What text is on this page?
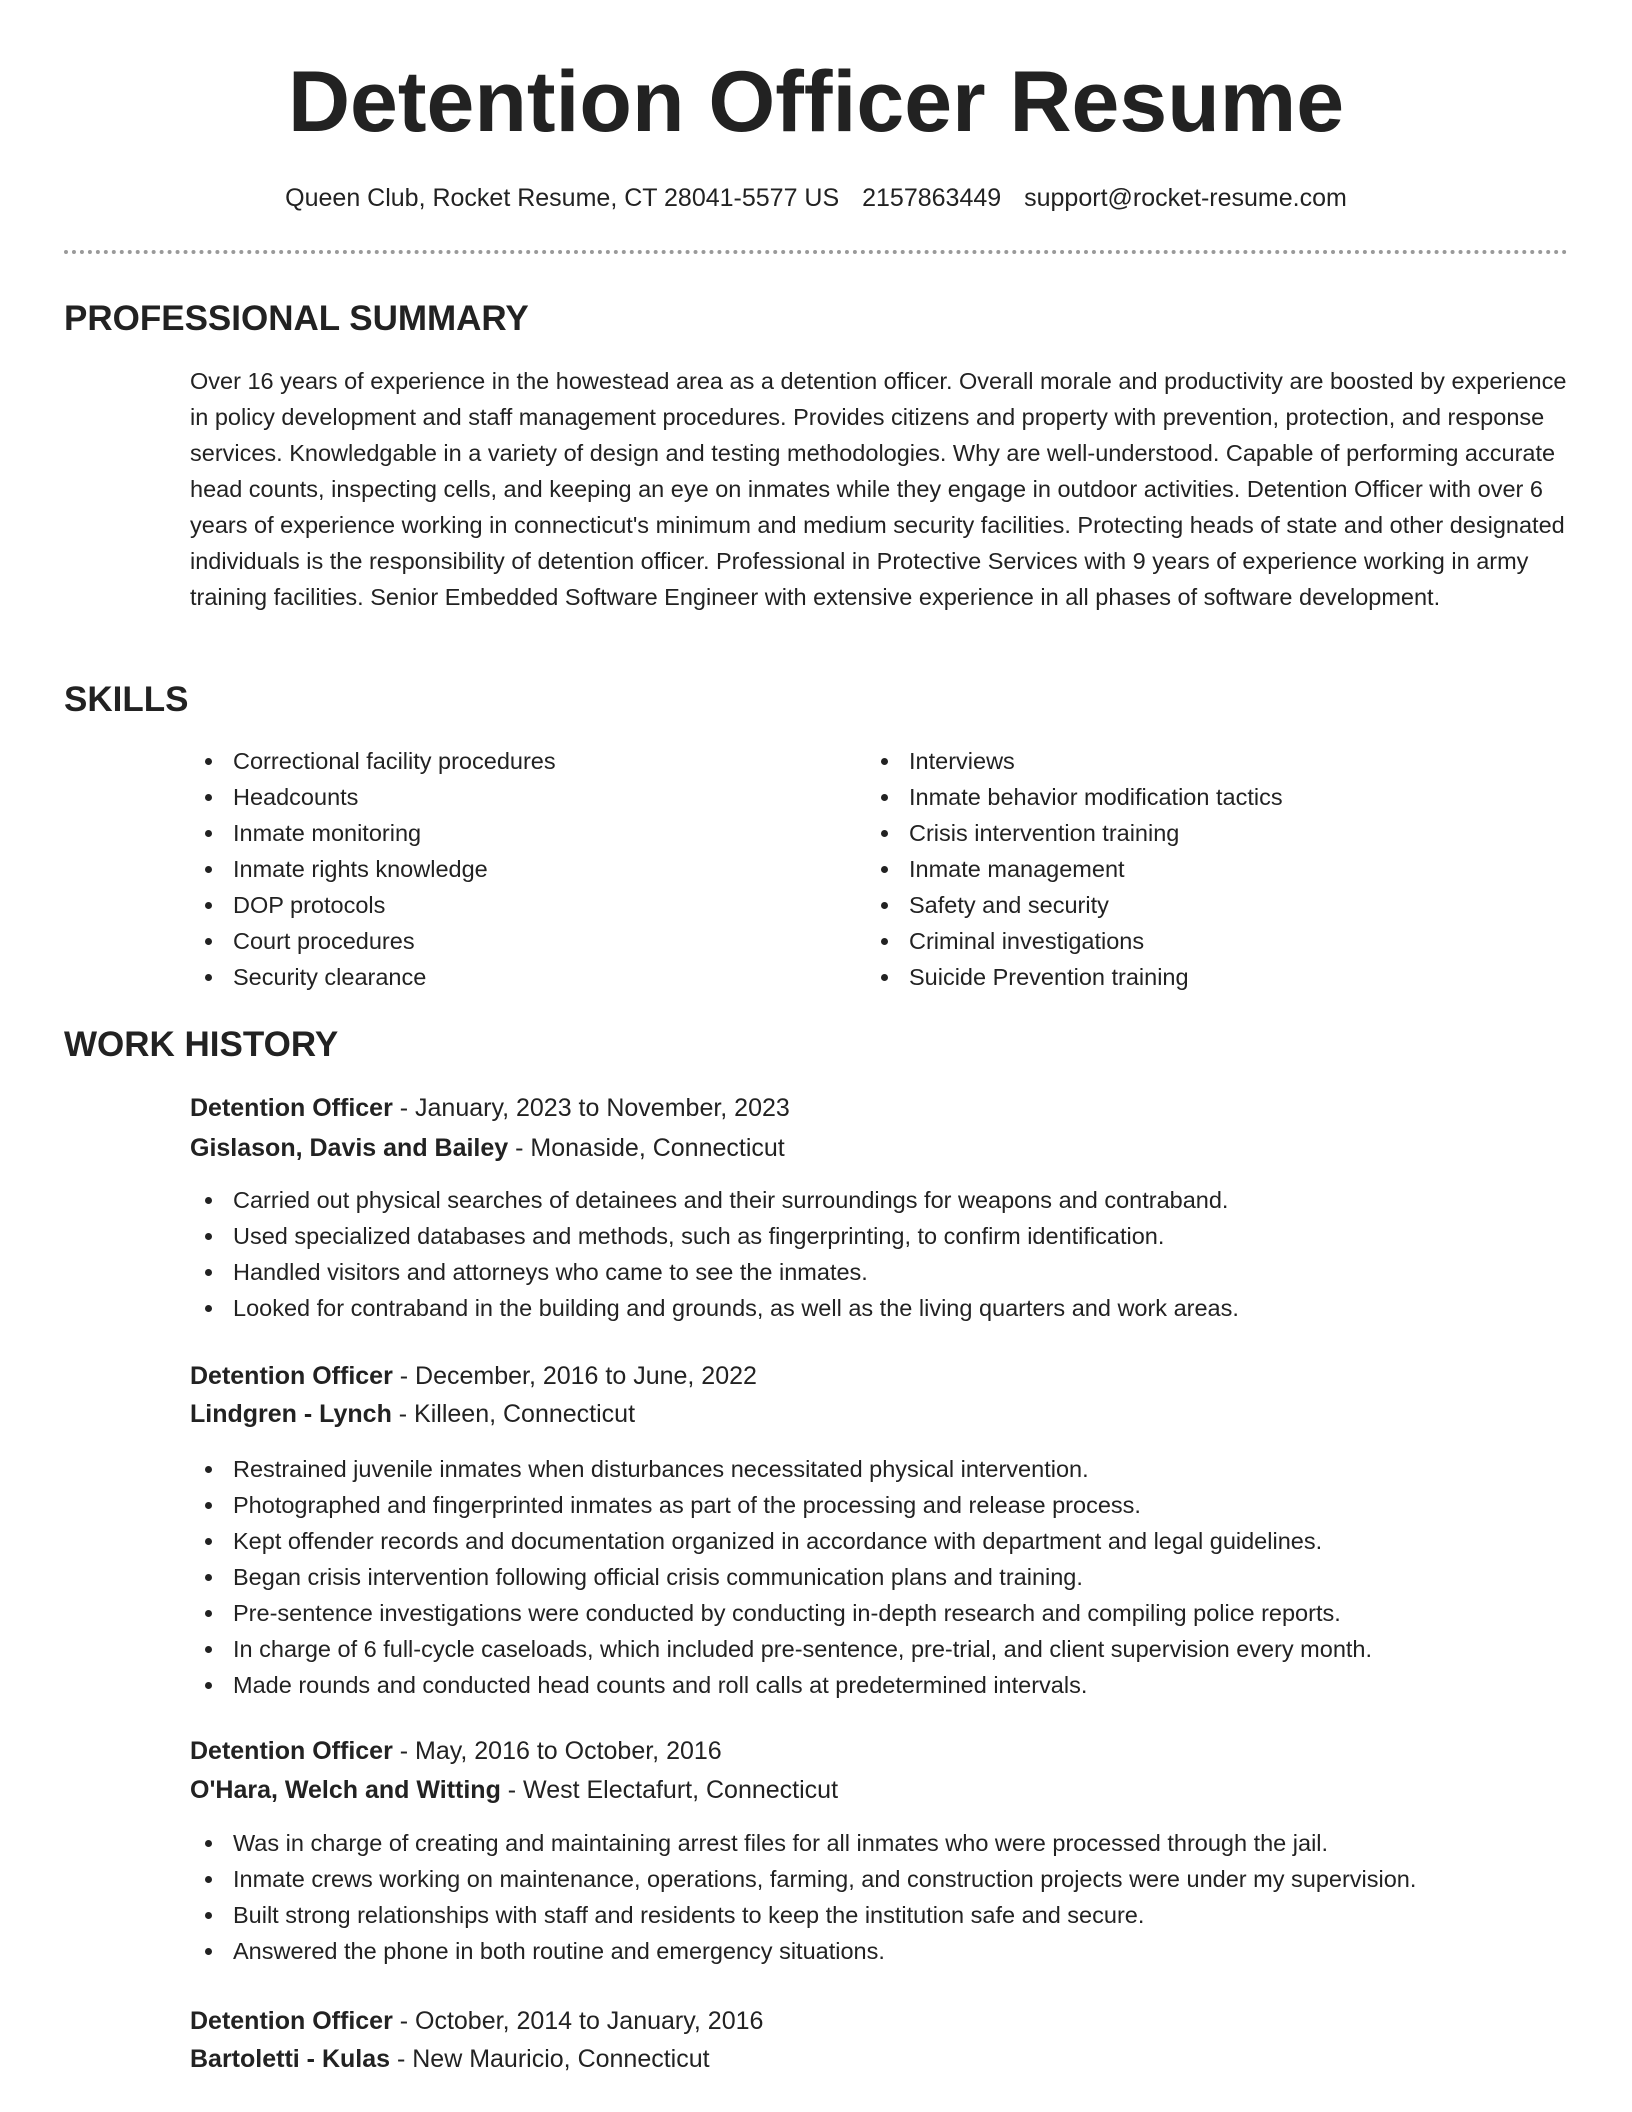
Detention Officer Resume
Queen Club, Rocket Resume, CT 28041-5577 US 2157863449 support@rocket-resume.com
PROFESSIONAL SUMMARY

Over 16 years of experience in the howestead area as a detention officer. Overall morale and productivity are boosted by experience in policy development and staff management procedures. Provides citizens and property with prevention, protection, and response services. Knowledgable in a variety of design and testing methodologies. Why are well-understood. Capable of performing accurate head counts, inspecting cells, and keeping an eye on inmates while they engage in outdoor activities. Detention Officer with over 6 years of experience working in connecticut's minimum and medium security facilities. Protecting heads of state and other designated individuals is the responsibility of detention officer. Professional in Protective Services with 9 years of experience working in army training facilities. Senior Embedded Software Engineer with extensive experience in all phases of software development.

SKILLS
Correctional facility procedures
Headcounts
Inmate monitoring
Inmate rights knowledge
DOP protocols
Court procedures
Security clearance
Interviews
Inmate behavior modification tactics
Crisis intervention training
Inmate management
Safety and security
Criminal investigations
Suicide Prevention training
WORK HISTORY
Detention Officer - January, 2023 to November, 2023
Gislason, Davis and Bailey - Monaside, Connecticut
Carried out physical searches of detainees and their surroundings for weapons and contraband.
Used specialized databases and methods, such as fingerprinting, to confirm identification.
Handled visitors and attorneys who came to see the inmates.
Looked for contraband in the building and grounds, as well as the living quarters and work areas.
Detention Officer - December, 2016 to June, 2022
Lindgren - Lynch - Killeen, Connecticut
Restrained juvenile inmates when disturbances necessitated physical intervention.
Photographed and fingerprinted inmates as part of the processing and release process.
Kept offender records and documentation organized in accordance with department and legal guidelines.
Began crisis intervention following official crisis communication plans and training.
Pre-sentence investigations were conducted by conducting in-depth research and compiling police reports.
In charge of 6 full-cycle caseloads, which included pre-sentence, pre-trial, and client supervision every month.
Made rounds and conducted head counts and roll calls at predetermined intervals.
Detention Officer - May, 2016 to October, 2016
O'Hara, Welch and Witting - West Electafurt, Connecticut
Was in charge of creating and maintaining arrest files for all inmates who were processed through the jail.
Inmate crews working on maintenance, operations, farming, and construction projects were under my supervision.
Built strong relationships with staff and residents to keep the institution safe and secure.
Answered the phone in both routine and emergency situations.
Detention Officer - October, 2014 to January, 2016
Bartoletti - Kulas - New Mauricio, Connecticut
